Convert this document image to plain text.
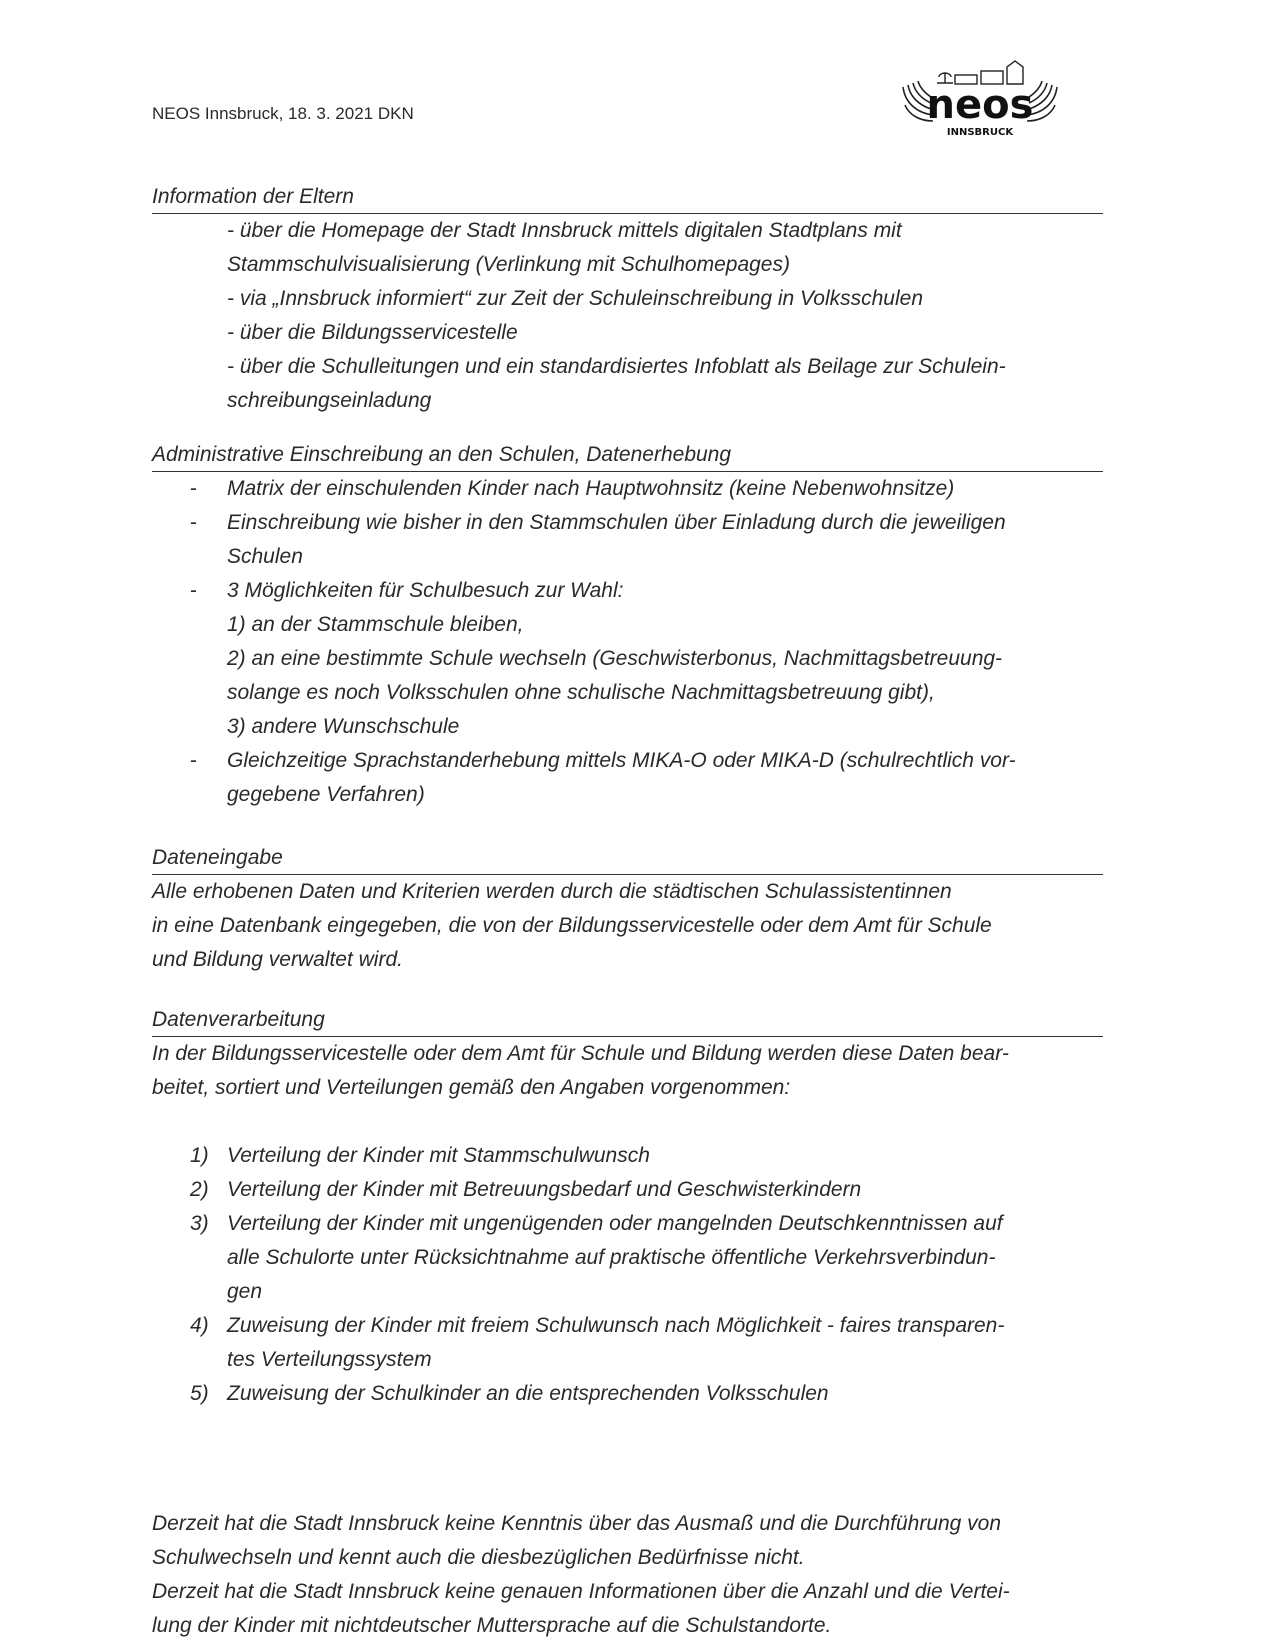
NEOS Innsbruck, 18. 3. 2021 DKN	neos
INNSBRUCK
Information der Eltern

- über die Homepage der Stadt Innsbruck mittels digitalen Stadtplans mit

Stammschulvisualisierung (Verlinkung mit Schulhomepages)

- via „Innsbruck informiert“ zur Zeit der Schuleinschreibung in Volksschulen

- über die Bildungsservicestelle

- über die Schulleitungen und ein standardisiertes Infoblatt als Beilage zur Schulein-

schreibungseinladung

Administrative Einschreibung an den Schulen, Datenerhebung
- Matrix der einschulenden Kinder nach Hauptwohnsitz (keine Nebenwohnsitze)

- Einschreibung wie bisher in den Stammschulen über Einladung durch die jeweiligen

Schulen

- 3 Möglichkeiten für Schulbesuch zur Wahl:

1) an der Stammschule bleiben,

2) an eine bestimmte Schule wechseln (Geschwisterbonus, Nachmittagsbetreuung-

solange es noch Volksschulen ohne schulische Nachmittagsbetreuung gibt),

3) andere Wunschschule

- Gleichzeitige Sprachstanderhebung mittels MIKA-O oder MIKA-D (schulrechtlich vor-

gegebene Verfahren)

Dateneingabe

Alle erhobenen Daten und Kriterien werden durch die städtischen Schulassistentinnen

in eine Datenbank eingegeben, die von der Bildungsservicestelle oder dem Amt für Schule

und Bildung verwaltet wird.

Datenverarbeitung

In der Bildungsservicestelle oder dem Amt für Schule und Bildung werden diese Daten bear-

beitet, sortiert und Verteilungen gemäß den Angaben vorgenommen:

1) Verteilung der Kinder mit Stammschulwunsch

2) Verteilung der Kinder mit Betreuungsbedarf und Geschwisterkindern

3) Verteilung der Kinder mit ungenügenden oder mangelnden Deutschkenntnissen auf

alle Schulorte unter Rücksichtnahme auf praktische öffentliche Verkehrsverbindun-

gen

4) Zuweisung der Kinder mit freiem Schulwunsch nach Möglichkeit - faires transparen-

tes Verteilungssystem

5) Zuweisung der Schulkinder an die entsprechenden Volksschulen

Derzeit hat die Stadt Innsbruck keine Kenntnis über das Ausmaß und die Durchführung von

Schulwechseln und kennt auch die diesbezüglichen Bedürfnisse nicht.

Derzeit hat die Stadt Innsbruck keine genauen Informationen über die Anzahl und die Vertei-

lung der Kinder mit nichtdeutscher Muttersprache auf die Schulstandorte.
